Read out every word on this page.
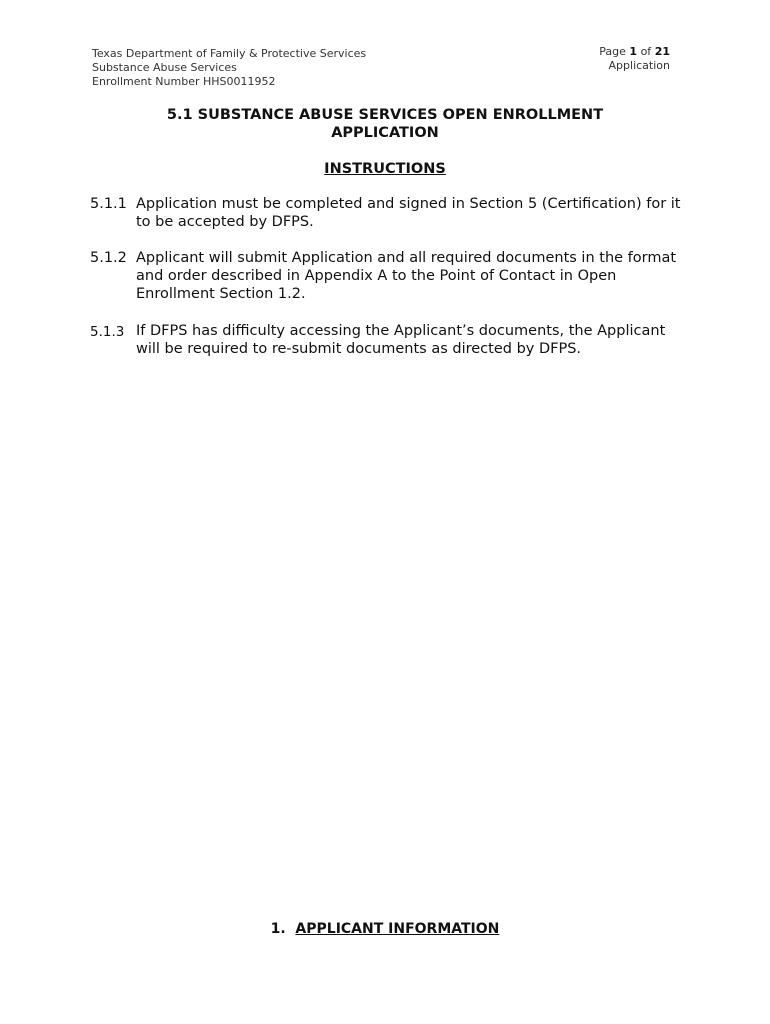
Texas Department of Family & Protective Services
Substance Abuse Services
Enrollment Number HHS0011952
Page 1 of 21
Application
5.1 SUBSTANCE ABUSE SERVICES OPEN ENROLLMENT
APPLICATION
INSTRUCTIONS
5.1.1 Application must be completed and signed in Section 5 (Certification) for it to be accepted by DFPS.
5.1.2 Applicant will submit Application and all required documents in the format and order described in Appendix A to the Point of Contact in Open Enrollment Section 1.2.
5.1.3 If DFPS has difficulty accessing the Applicant’s documents, the Applicant will be required to re-submit documents as directed by DFPS.
1. APPLICANT INFORMATION
